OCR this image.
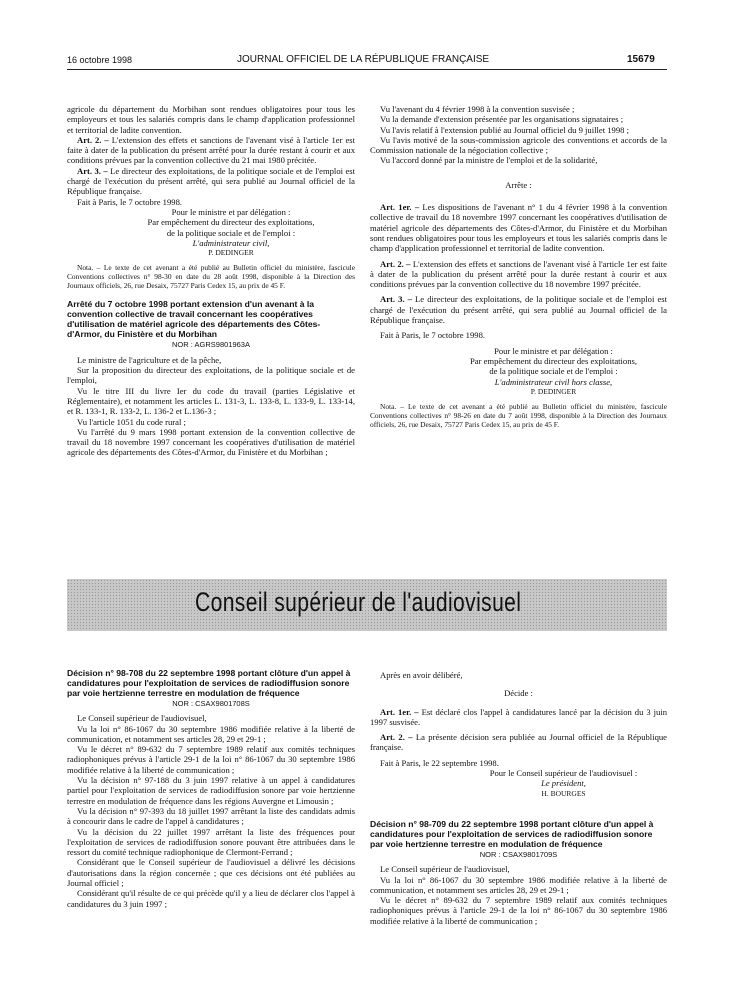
16 octobre 1998	JOURNAL OFFICIEL DE LA RÉPUBLIQUE FRANÇAISE	15679

agricole du département du Morbihan sont rendues obligatoires pour tous les employeurs et tous les salariés compris dans le champ d'application professionnel et territorial de ladite convention.

Art. 2. – L'extension des effets et sanctions de l'avenant visé à l'article 1er est faite à dater de la publication du présent arrêté pour la durée restant à courir et aux conditions prévues par la convention collective du 21 mai 1980 précitée.

Art. 3. – Le directeur des exploitations, de la politique sociale et de l'emploi est chargé de l'exécution du présent arrêté, qui sera publié au Journal officiel de la République française.

Fait à Paris, le 7 octobre 1998.

Pour le ministre et par délégation :

Par empêchement du directeur des exploitations,

de la politique sociale et de l'emploi :

L'administrateur civil,

P. DEDINGER

Nota. – Le texte de cet avenant a été publié au Bulletin officiel du ministère, fascicule Conventions collectives n° 98-30 en date du 28 août 1998, disponible à la Direction des Journaux officiels, 26, rue Desaix, 75727 Paris Cedex 15, au prix de 45 F.

Arrêté du 7 octobre 1998 portant extension d'un avenant à la convention collective de travail concernant les coopératives d'utilisation de matériel agricole des départements des Côtes-d'Armor, du Finistère et du Morbihan

NOR : AGRS9801963A

Le ministre de l'agriculture et de la pêche,

Sur la proposition du directeur des exploitations, de la politique sociale et de l'emploi,

Vu le titre III du livre Ier du code du travail (parties Législative et Réglementaire), et notamment les articles L. 131-3, L. 133-8, L. 133-9, L. 133-14, et R. 133-1, R. 133-2, L. 136-2 et L.136-3 ;

Vu l'article 1051 du code rural ;

Vu l'arrêté du 9 mars 1998 portant extension de la convention collective de travail du 18 novembre 1997 concernant les coopératives d'utilisation de matériel agricole des départements des Côtes-d'Armor, du Finistère et du Morbihan ;

Vu l'avenant du 4 février 1998 à la convention susvisée ;

Vu la demande d'extension présentée par les organisations signataires ;

Vu l'avis relatif à l'extension publié au Journal officiel du 9 juillet 1998 ;

Vu l'avis motivé de la sous-commission agricole des conventions et accords de la Commission nationale de la négociation collective ;

Vu l'accord donné par la ministre de l'emploi et de la solidarité,

Arrête :

Art. 1er. – Les dispositions de l'avenant n° 1 du 4 février 1998 à la convention collective de travail du 18 novembre 1997 concernant les coopératives d'utilisation de matériel agricole des départements des Côtes-d'Armor, du Finistère et du Morbihan sont rendues obligatoires pour tous les employeurs et tous les salariés compris dans le champ d'application professionnel et territorial de ladite convention.

Art. 2. – L'extension des effets et sanctions de l'avenant visé à l'article 1er est faite à dater de la publication du présent arrêté pour la durée restant à courir et aux conditions prévues par la convention collective du 18 novembre 1997 précitée.

Art. 3. – Le directeur des exploitations, de la politique sociale et de l'emploi est chargé de l'exécution du présent arrêté, qui sera publié au Journal officiel de la République française.

Fait à Paris, le 7 octobre 1998.

Pour le ministre et par délégation :

Par empêchement du directeur des exploitations,

de la politique sociale et de l'emploi :

L'administrateur civil hors classe,

P. DEDINGER

Nota. – Le texte de cet avenant a été publié au Bulletin officiel du ministère, fascicule Conventions collectives n° 98-26 en date du 7 août 1998, disponible à la Direction des Journaux officiels, 26, rue Desaix, 75727 Paris Cedex 15, au prix de 45 F.

Conseil supérieur de l'audiovisuel

Décision n° 98-708 du 22 septembre 1998 portant clôture d'un appel à candidatures pour l'exploitation de services de radiodiffusion sonore par voie hertzienne terrestre en modulation de fréquence

NOR : CSAX9801708S

Le Conseil supérieur de l'audiovisuel,

Vu la loi n° 86-1067 du 30 septembre 1986 modifiée relative à la liberté de communication, et notamment ses articles 28, 29 et 29-1 ;

Vu le décret n° 89-632 du 7 septembre 1989 relatif aux comités techniques radiophoniques prévus à l'article 29-1 de la loi n° 86-1067 du 30 septembre 1986 modifiée relative à la liberté de communication ;

Vu la décision n° 97-188 du 3 juin 1997 relative à un appel à candidatures partiel pour l'exploitation de services de radiodiffusion sonore par voie hertzienne terrestre en modulation de fréquence dans les régions Auvergne et Limousin ;

Vu la décision n° 97-393 du 18 juillet 1997 arrêtant la liste des candidats admis à concourir dans le cadre de l'appel à candidatures ;

Vu la décision du 22 juillet 1997 arrêtant la liste des fréquences pour l'exploitation de services de radiodiffusion sonore pouvant être attribuées dans le ressort du comité technique radiophonique de Clermont-Ferrand ;

Considérant que le Conseil supérieur de l'audiovisuel a délivré les décisions d'autorisations dans la région concernée ; que ces décisions ont été publiées au Journal officiel ;

Considérant qu'il résulte de ce qui précède qu'il y a lieu de déclarer clos l'appel à candidatures du 3 juin 1997 ;

Après en avoir délibéré,

Décide :

Art. 1er. – Est déclaré clos l'appel à candidatures lancé par la décision du 3 juin 1997 susvisée.

Art. 2. – La présente décision sera publiée au Journal officiel de la République française.

Fait à Paris, le 22 septembre 1998.

Pour le Conseil supérieur de l'audiovisuel :

Le président,

H. BOURGES

Décision n° 98-709 du 22 septembre 1998 portant clôture d'un appel à candidatures pour l'exploitation de services de radiodiffusion sonore par voie hertzienne terrestre en modulation de fréquence

NOR : CSAX9801709S

Le Conseil supérieur de l'audiovisuel,

Vu la loi n° 86-1067 du 30 septembre 1986 modifiée relative à la liberté de communication, et notamment ses articles 28, 29 et 29-1 ;

Vu le décret n° 89-632 du 7 septembre 1989 relatif aux comités techniques radiophoniques prévus à l'article 29-1 de la loi n° 86-1067 du 30 septembre 1986 modifiée relative à la liberté de communication ;
